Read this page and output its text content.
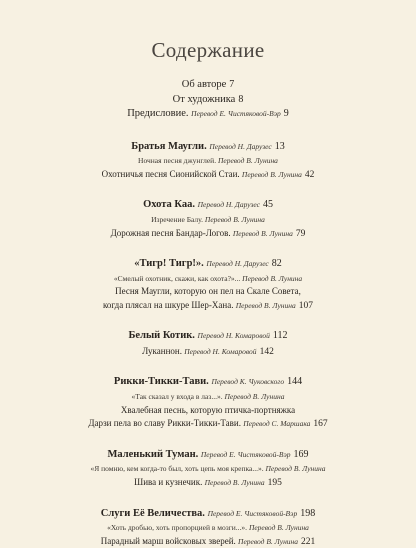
Содержание
Об авторе 7
От художника 8
Предисловие. Перевод Е. Чистяковой-Вэр 9
Братья Маугли. Перевод Н. Дарузес 13
Ночная песня джунглей. Перевод В. Лунина
Охотничья песня Сионийской Стаи. Перевод В. Лунина 42
Охота Каа. Перевод Н. Дарузес 45
Изречение Балу. Перевод В. Лунина
Дорожная песня Бандар-Логов. Перевод В. Лунина 79
«Тигр! Тигр!». Перевод Н. Дарузес 82
«Смелый охотник, скажи, как охота?»... Перевод В. Лунина
Песня Маугли, которую он пел на Скале Совета,
когда плясал на шкуре Шер-Хана. Перевод В. Лунина 107
Белый Котик. Перевод Н. Комаровой 112
Луканнон. Перевод Н. Комаровой 142
Рикки-Тикки-Тави. Перевод К. Чуковского 144
«Так сказал у входа в лаз...». Перевод В. Лунина
Хвалебная песнь, которую птичка-портняжка
Дарзи пела во славу Рикки-Тикки-Тави. Перевод С. Маршака 167
Маленький Туман. Перевод Е. Чистяковой-Вэр 169
«Я помню, кем когда-то был, хоть цепь моя крепка...». Перевод В. Лунина
Шива и кузнечик. Перевод В. Лунина 195
Слуги Её Величества. Перевод Е. Чистяковой-Вэр 198
«Хоть дробью, хоть пропорцией в мозги...». Перевод В. Лунина
Парадный марш войсковых зверей. Перевод В. Лунина 221
